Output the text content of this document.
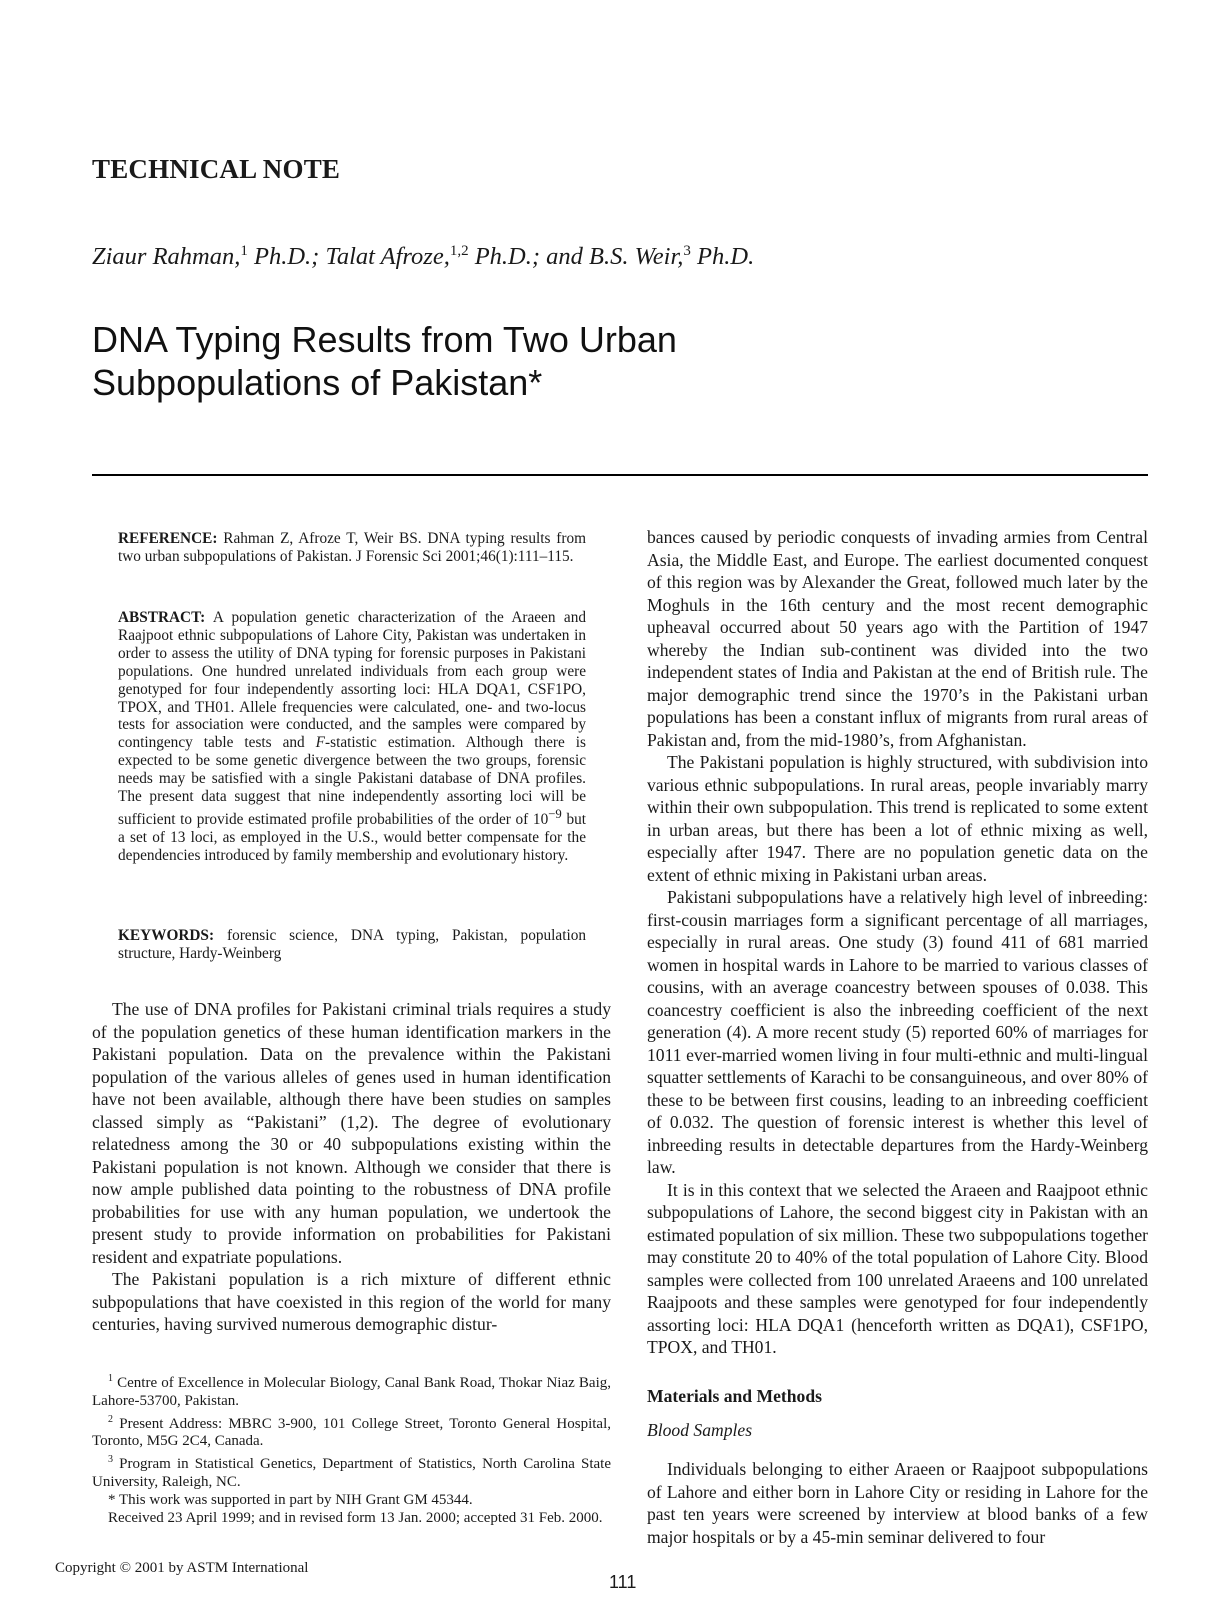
TECHNICAL NOTE
Ziaur Rahman,$^1$ Ph.D.; Talat Afroze,$^{1,2}$ Ph.D.; and B.S. Weir,$^3$ Ph.D.
DNA Typing Results from Two Urban
Subpopulations of Pakistan*
REFERENCE: Rahman Z, Afroze T, Weir BS. DNA typing results from two urban subpopulations of Pakistan. J Forensic Sci 2001;46(1):111–115.
ABSTRACT: A population genetic characterization of the Araeen and Raajpoot ethnic subpopulations of Lahore City, Pakistan was undertaken in order to assess the utility of DNA typing for forensic purposes in Pakistani populations. One hundred unrelated individuals from each group were genotyped for four independently assorting loci: HLA DQA1, CSF1PO, TPOX, and TH01. Allele frequencies were calculated, one- and two-locus tests for association were conducted, and the samples were compared by contingency table tests and F-statistic estimation. Although there is expected to be some genetic divergence between the two groups, forensic needs may be satisfied with a single Pakistani database of DNA profiles. The present data suggest that nine independently assorting loci will be sufficient to provide estimated profile probabilities of the order of $10^{-9}$ but a set of 13 loci, as employed in the U.S., would better compensate for the dependencies introduced by family membership and evolutionary history.
KEYWORDS: forensic science, DNA typing, Pakistan, population structure, Hardy-Weinberg

The use of DNA profiles for Pakistani criminal trials requires a study of the population genetics of these human identification markers in the Pakistani population. Data on the prevalence within the Pakistani population of the various alleles of genes used in human identification have not been available, although there have been studies on samples classed simply as “Pakistani” (1,2). The degree of evolutionary relatedness among the 30 or 40 subpopulations existing within the Pakistani population is not known. Although we consider that there is now ample published data pointing to the robustness of DNA profile probabilities for use with any human population, we undertook the present study to provide information on probabilities for Pakistani resident and expatriate populations.

The Pakistani population is a rich mixture of different ethnic subpopulations that have coexisted in this region of the world for many centuries, having survived numerous demographic distur-

$^1$ Centre of Excellence in Molecular Biology, Canal Bank Road, Thokar Niaz Baig, Lahore-53700, Pakistan.

$^2$ Present Address: MBRC 3-900, 101 College Street, Toronto General Hospital, Toronto, M5G 2C4, Canada.

$^3$ Program in Statistical Genetics, Department of Statistics, North Carolina State University, Raleigh, NC.

* This work was supported in part by NIH Grant GM 45344.

Received 23 April 1999; and in revised form 13 Jan. 2000; accepted 31 Feb. 2000.

bances caused by periodic conquests of invading armies from Central Asia, the Middle East, and Europe. The earliest documented conquest of this region was by Alexander the Great, followed much later by the Moghuls in the 16th century and the most recent demographic upheaval occurred about 50 years ago with the Partition of 1947 whereby the Indian sub-continent was divided into the two independent states of India and Pakistan at the end of British rule. The major demographic trend since the 1970’s in the Pakistani urban populations has been a constant influx of migrants from rural areas of Pakistan and, from the mid-1980’s, from Afghanistan.

The Pakistani population is highly structured, with subdivision into various ethnic subpopulations. In rural areas, people invariably marry within their own subpopulation. This trend is replicated to some extent in urban areas, but there has been a lot of ethnic mixing as well, especially after 1947. There are no population genetic data on the extent of ethnic mixing in Pakistani urban areas.

Pakistani subpopulations have a relatively high level of inbreeding: first-cousin marriages form a significant percentage of all marriages, especially in rural areas. One study (3) found 411 of 681 married women in hospital wards in Lahore to be married to various classes of cousins, with an average coancestry between spouses of 0.038. This coancestry coefficient is also the inbreeding coefficient of the next generation (4). A more recent study (5) reported 60% of marriages for 1011 ever-married women living in four multi-ethnic and multi-lingual squatter settlements of Karachi to be consanguineous, and over 80% of these to be between first cousins, leading to an inbreeding coefficient of 0.032. The question of forensic interest is whether this level of inbreeding results in detectable departures from the Hardy-Weinberg law.

It is in this context that we selected the Araeen and Raajpoot ethnic subpopulations of Lahore, the second biggest city in Pakistan with an estimated population of six million. These two subpopulations together may constitute 20 to 40% of the total population of Lahore City. Blood samples were collected from 100 unrelated Araeens and 100 unrelated Raajpoots and these samples were genotyped for four independently assorting loci: HLA DQA1 (henceforth written as DQA1), CSF1PO, TPOX, and TH01.

Materials and Methods
Blood Samples

Individuals belonging to either Araeen or Raajpoot subpopulations of Lahore and either born in Lahore City or residing in Lahore for the past ten years were screened by interview at blood banks of a few major hospitals or by a 45-min seminar delivered to four

Copyright © 2001 by ASTM International
111
